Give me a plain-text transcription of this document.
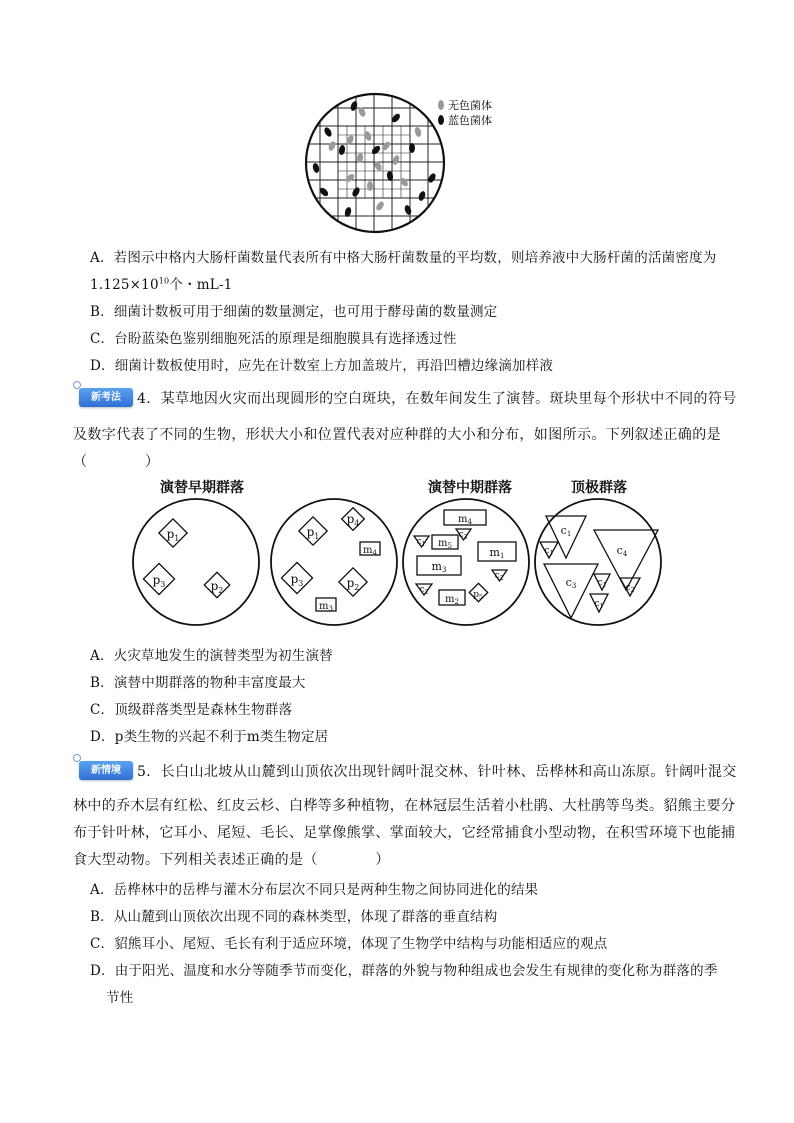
无色菌体
蓝色菌体
A．若图示中格内大肠杆菌数量代表所有中格大肠杆菌数量的平均数，则培养液中大肠杆菌的活菌密度为
$1.125\times 10^{10}$个・mL-1
B．细菌计数板可用于细菌的数量测定，也可用于酵母菌的数量测定
C．台盼蓝染色鉴别细胞死活的原理是细胞膜具有选择透过性
D．细菌计数板使用时，应先在计数室上方加盖玻片，再沿凹槽边缘滴加样液
新考法	4．某草地因火灾而出现圆形的空白斑块，在数年间发生了演替。斑块里每个形状中不同的符号
及数字代表了不同的生物，形状大小和位置代表对应种群的大小和分布，如图所示。下列叙述正确的是
（　　　　）
演替早期群落	演替中期群落	顶极群落
$p_1$
$p_3$	$p_2$
$p_1$
$p_4$
$p_3$	$p_2$
$m_4$
$m_3$
$m_4$
$m_5$	m1
m3
$m_2$
$c_1$
$c_3$
$c_2$
$c_2$	$p_5$
c1
c4
c3
$c_1$
$c_1$ $c_2$
$c_1$
A．火灾草地发生的演替类型为初生演替
B．演替中期群落的物种丰富度最大
C．顶级群落类型是森林生物群落
D．p类生物的兴起不利于m类生物定居
新情境	5．长白山北坡从山麓到山顶依次出现针阔叶混交林、针叶林、岳桦林和高山冻原。针阔叶混交
林中的乔木层有红松、红皮云杉、白桦等多种植物，在林冠层生活着小杜鹃、大杜鹃等鸟类。貂熊主要分
布于针叶林，它耳小、尾短、毛长、足掌像熊掌、掌面较大，它经常捕食小型动物，在积雪环境下也能捕
食大型动物。下列相关表述正确的是（　　　　）
A．岳桦林中的岳桦与灌木分布层次不同只是两种生物之间协同进化的结果
B．从山麓到山顶依次出现不同的森林类型，体现了群落的垂直结构
C．貂熊耳小、尾短、毛长有利于适应环境，体现了生物学中结构与功能相适应的观点
D．由于阳光、温度和水分等随季节而变化，群落的外貌与物种组成也会发生有规律的变化称为群落的季
节性
